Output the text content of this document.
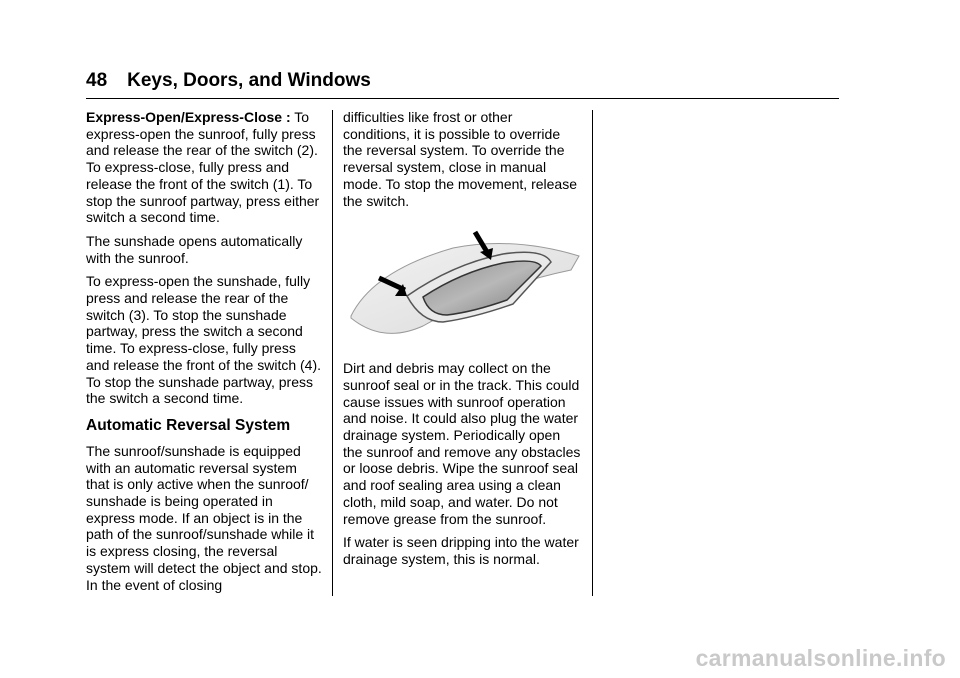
48 Keys, Doors, and Windows

Express-Open/Express-Close : To express-open the sunroof, fully press and release the rear of the switch (2). To express-close, fully press and release the front of the switch (1). To stop the sunroof partway, press either switch a second time.

The sunshade opens automatically with the sunroof.

To express-open the sunshade, fully press and release the rear of the switch (3). To stop the sunshade partway, press the switch a second time. To express-close, fully press and release the front of the switch (4). To stop the sunshade partway, press the switch a second time.

Automatic Reversal System

The sunroof/sunshade is equipped with an automatic reversal system that is only active when the sunroof/ sunshade is being operated in express mode. If an object is in the path of the sunroof/sunshade while it is express closing, the reversal system will detect the object and stop. In the event of closing

difficulties like frost or other conditions, it is possible to override the reversal system. To override the reversal system, close in manual mode. To stop the movement, release the switch.

Dirt and debris may collect on the sunroof seal or in the track. This could cause issues with sunroof operation and noise. It could also plug the water drainage system. Periodically open the sunroof and remove any obstacles or loose debris. Wipe the sunroof seal and roof sealing area using a clean cloth, mild soap, and water. Do not remove grease from the sunroof.

If water is seen dripping into the water drainage system, this is normal.

carmanualsonline.info
